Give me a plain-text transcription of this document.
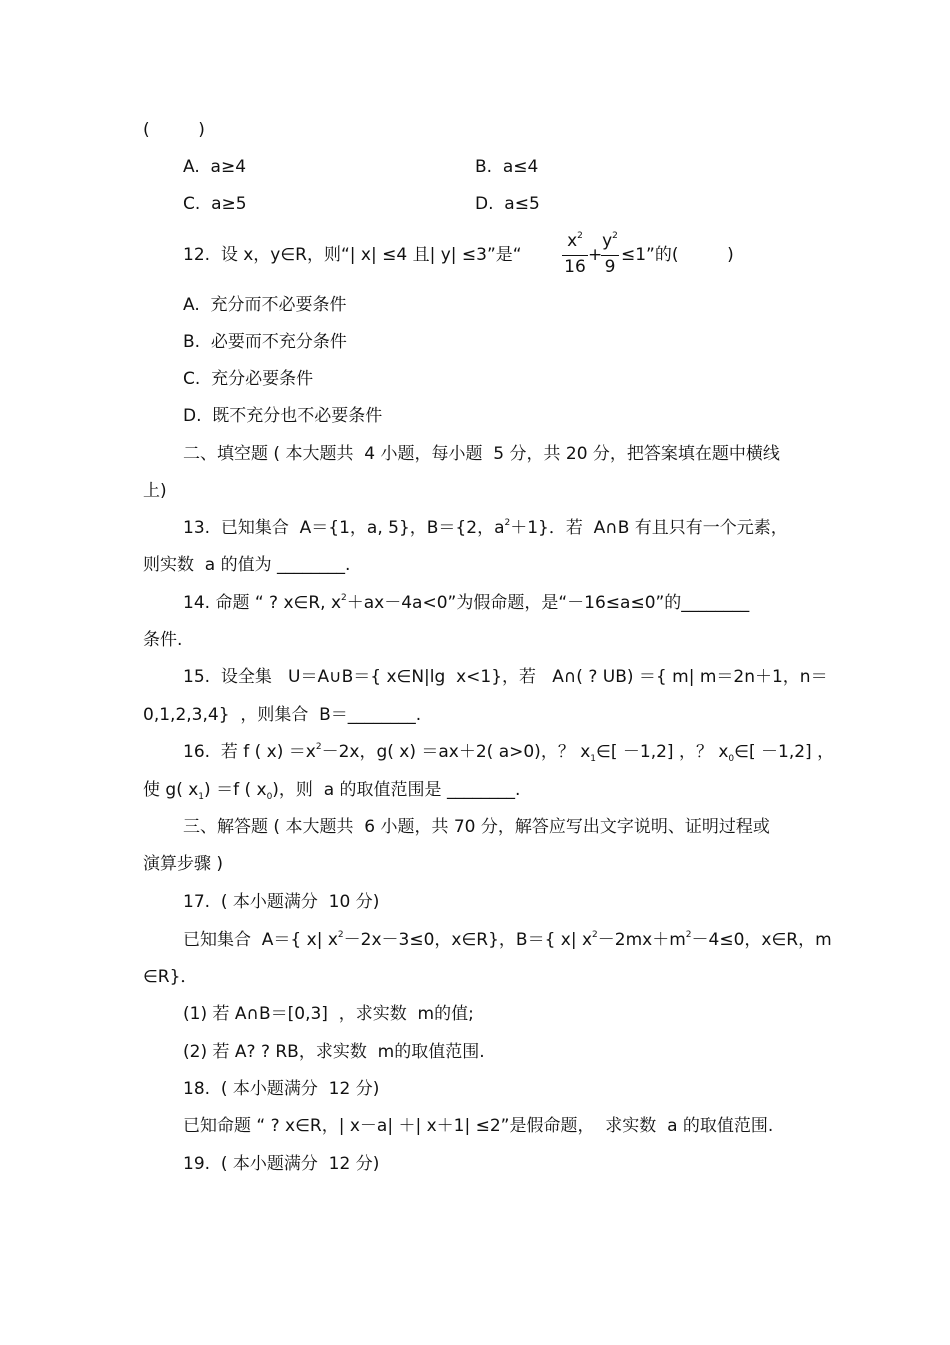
(         )
A.  a≥4	B.  a≤4
C.  a≥5	D.  a≤5
12.  设 x，y∈R，则“| x| ≤4 且| y| ≤3”是“
$x^2$
16
+
$y^2$
9
≤1”的(         )
A.  充分而不必要条件
B.  必要而不充分条件
C.  充分必要条件
D.  既不充分也不必要条件
二、填空题 ( 本大题共  4 小题，每小题  5 分，共 20 分，把答案填在题中横线
上)
13.  已知集合  A＝{1，a, 5}，B＝{2，$a^2+1$}．若  A∩B 有且只有一个元素，
则实数  a 的值为 ________.
14. 命题 “ ? x∈R, $x^2+ax-4a<0$”为假命题，是“－16≤a≤0”的________
条件.
15.  设全集   U＝A∪B＝{ x∈N|lg  x<1}，若   A∩( ? UB) ＝{ m| m＝2n＋1，n＝
0,1,2,3,4}  ，则集合  B＝________.
16.  若 f ( $x) =x^2-2x$，g( x) ＝ax＋2( a>0)，？ $x_1\in[ -1,2]$ ，？ $x_0\in[ -1,2]$ ，
使 g( $x_1) =f$ ( $x_0$)，则  a 的取值范围是 ________.
三、解答题 ( 本大题共  6 小题，共 70 分，解答应写出文字说明、证明过程或
演算步骤 )
17.  ( 本小题满分  10 分)
已知集合  A＝{ x| $x^2-2x-3\le 0$，x∈R}，B＝{ x| $x^2-2mx+m^2-4\le 0$，x∈R，m
∈R}．
(1) 若 A∩B＝[0,3]  ，求实数  m的值;
(2) 若 A? ? RB，求实数  m的取值范围.
18.  ( 本小题满分  12 分)
已知命题 “ ? x∈R，| x－a| ＋| x＋1| ≤2”是假命题，  求实数  a 的取值范围.
19.  ( 本小题满分  12 分)
